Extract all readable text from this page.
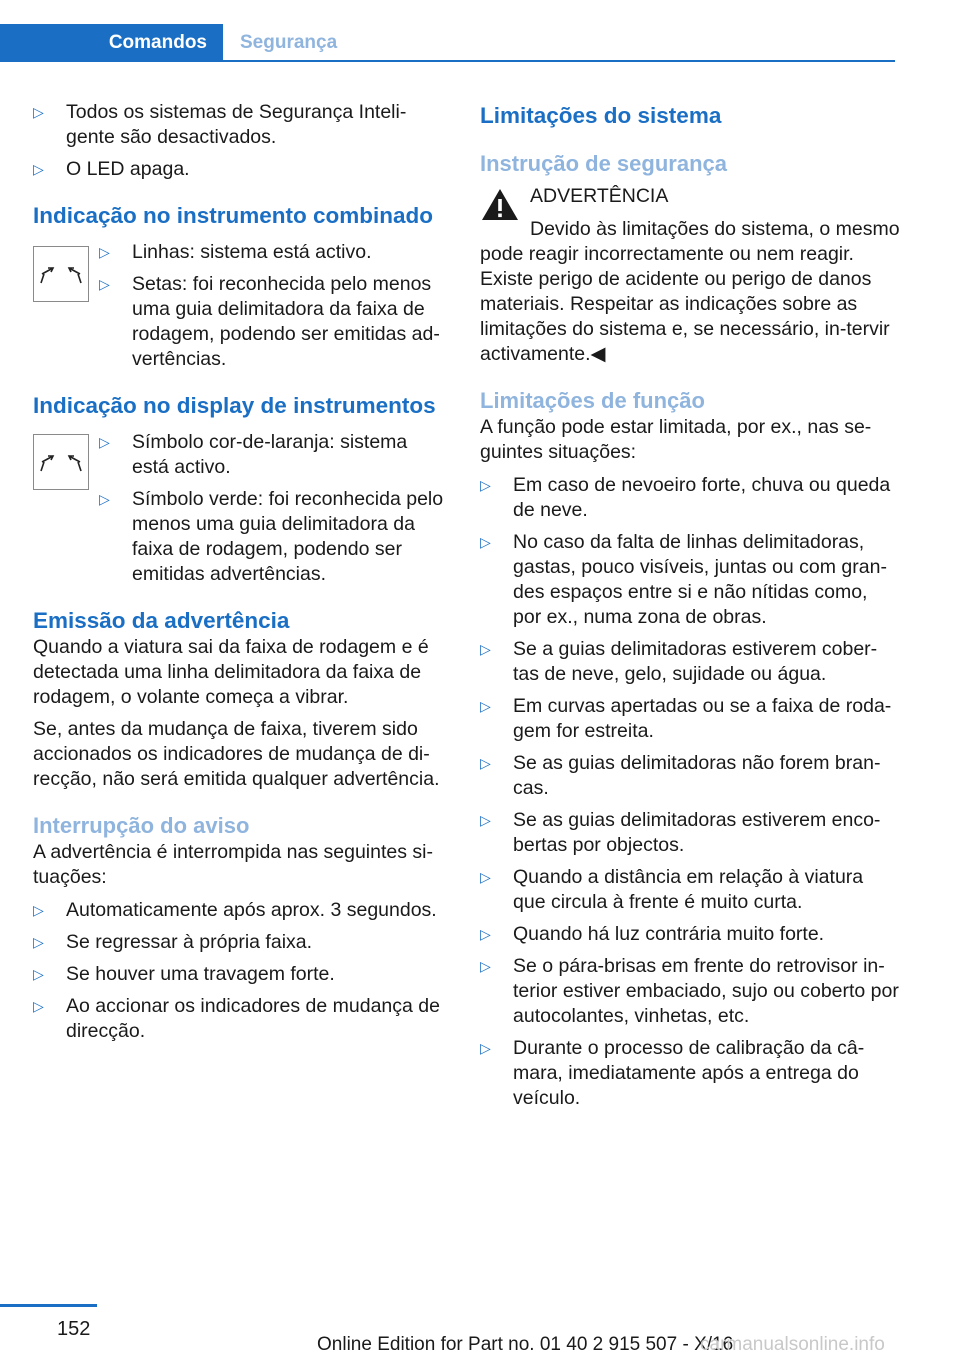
Comandos	Segurança
▷ Todos os sistemas de Segurança Inteli-gente são desactivados.
▷ O LED apaga.
Indicação no instrumento combinado
▷ Linhas: sistema está activo.
▷ Setas: foi reconhecida pelo menos uma guia delimitadora da faixa de rodagem, podendo ser emitidas ad-vertências.
Indicação no display de instrumentos
▷ Símbolo cor-de-laranja: sistema está activo.
▷ Símbolo verde: foi reconhecida pelo menos uma guia delimitadora da faixa de rodagem, podendo ser emitidas advertências.
Emissão da advertência

Quando a viatura sai da faixa de rodagem e é detectada uma linha delimitadora da faixa de rodagem, o volante começa a vibrar.

Se, antes da mudança de faixa, tiverem sido accionados os indicadores de mudança de di-recção, não será emitida qualquer advertência.

Interrupção do aviso

A advertência é interrompida nas seguintes si-tuações:

▷ Automaticamente após aprox. 3 segundos.
▷ Se regressar à própria faixa.
▷ Se houver uma travagem forte.
▷ Ao accionar os indicadores de mudança de direcção.
Limitações do sistema
Instrução de segurança

ADVERTÊNCIA

Devido às limitações do sistema, o mesmo pode reagir incorrectamente ou nem reagir. Existe perigo de acidente ou perigo de danos materiais. Respeitar as indicações sobre as limitações do sistema e, se necessário, in-tervir activamente.◀

Limitações de função

A função pode estar limitada, por ex., nas se-guintes situações:

▷ Em caso de nevoeiro forte, chuva ou queda de neve.
▷ No caso da falta de linhas delimitadoras, gastas, pouco visíveis, juntas ou com gran-des espaços entre si e não nítidas como, por ex., numa zona de obras.
▷ Se a guias delimitadoras estiverem cober-tas de neve, gelo, sujidade ou água.
▷ Em curvas apertadas ou se a faixa de roda-gem for estreita.
▷ Se as guias delimitadoras não forem bran-cas.
▷ Se as guias delimitadoras estiverem enco-bertas por objectos.
▷ Quando a distância em relação à viatura que circula à frente é muito curta.
▷ Quando há luz contrária muito forte.
▷ Se o pára-brisas em frente do retrovisor in-terior estiver embaciado, sujo ou coberto por autocolantes, vinhetas, etc.
▷ Durante o processo de calibração da câ-mara, imediatamente após a entrega do veículo.
152
Online Edition for Part no. 01 40 2 915 507 - X/16
carmanualsonline.info
